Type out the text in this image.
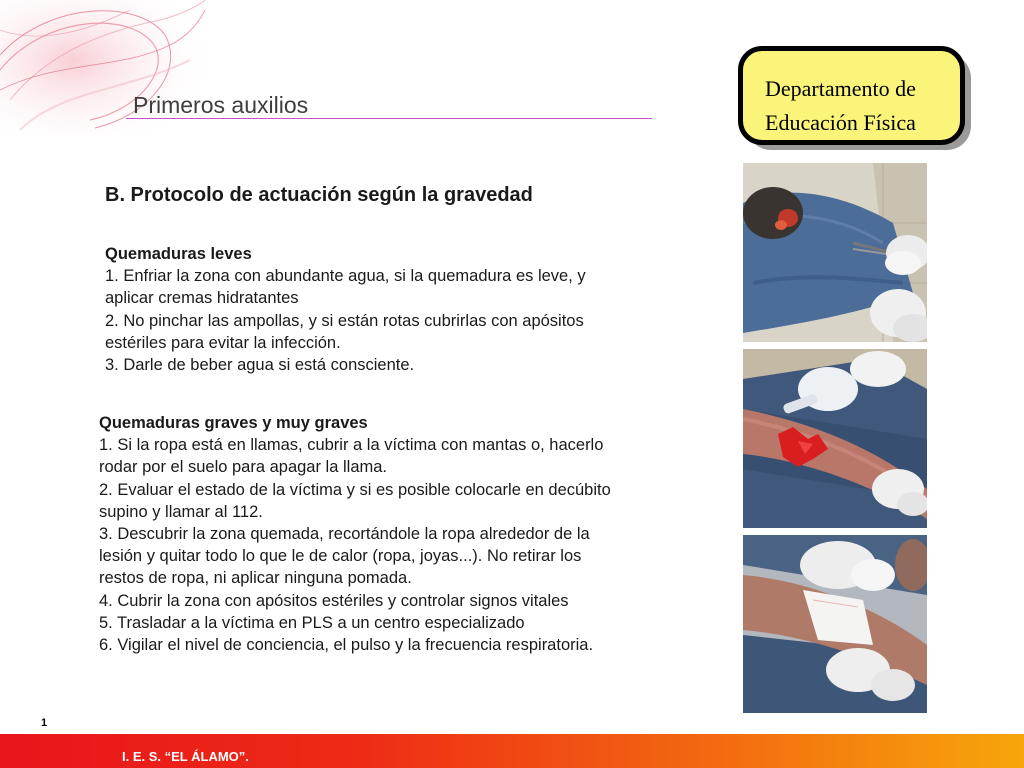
Primeros auxilios
Departamento de
Educación Física
B. Protocolo de actuación según la gravedad
Quemaduras leves
1. Enfriar la zona con abundante agua, si la quemadura es leve, y
aplicar cremas hidratantes
2. No pinchar las ampollas, y si están rotas cubrirlas con apósitos
estériles para evitar la infección.
3. Darle de beber agua si está consciente.
Quemaduras graves y muy graves
1. Si la ropa está en llamas, cubrir a la víctima con mantas o, hacerlo
rodar por el suelo para apagar la llama.
2. Evaluar el estado de la víctima y si es posible colocarle en decúbito
supino y llamar al 112.
3. Descubrir la zona quemada, recortándole la ropa alrededor de la
lesión y quitar todo lo que le de calor (ropa, joyas...). No retirar los
restos de ropa, ni aplicar ninguna pomada.
4. Cubrir la zona con apósitos estériles y controlar signos vitales
5. Trasladar a la víctima en PLS a un centro especializado
6. Vigilar el nivel de conciencia, el pulso y la frecuencia respiratoria.
1
I. E. S. “EL ÁLAMO”.
